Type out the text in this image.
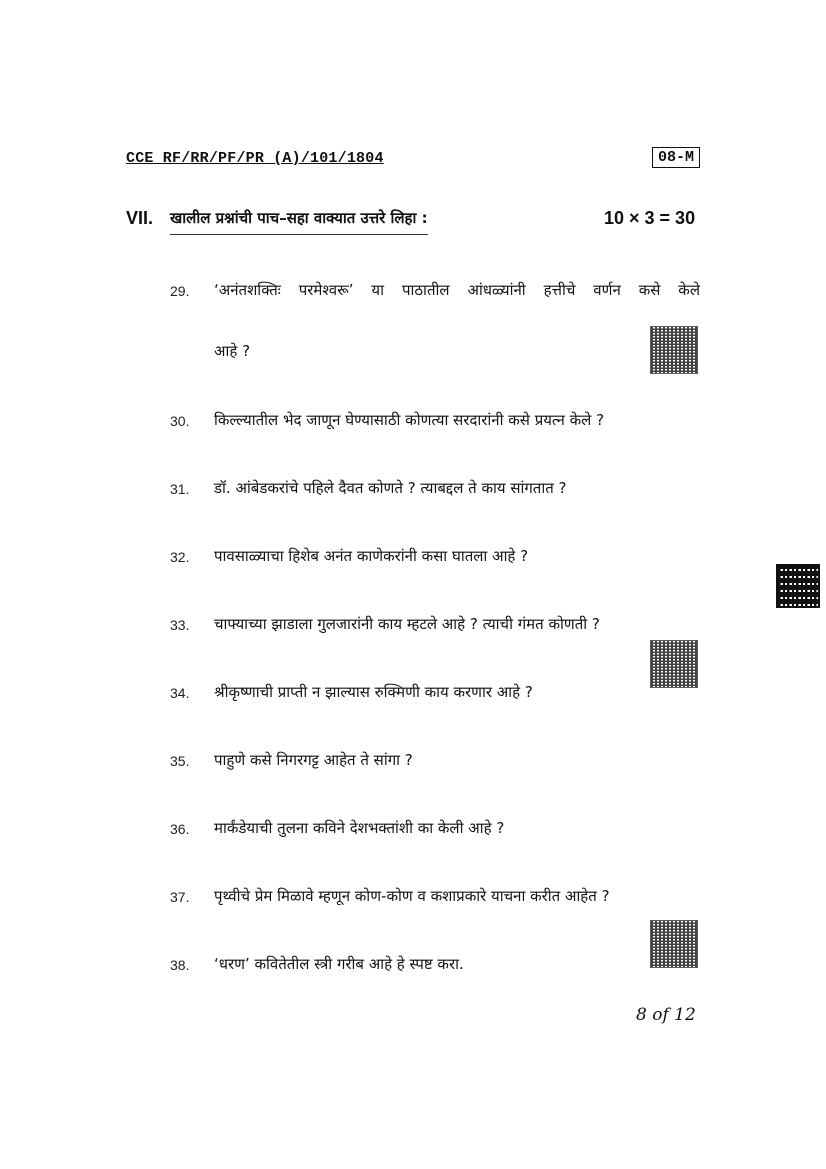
CCE RF/RR/PF/PR (A)/101/1804	08-M
VII. खालील प्रश्नांची पाच–सहा वाक्यात उत्तरे लिहा :	10 × 3 = 30
29.	‘अनंतशक्तिः परमेश्वरू’ या पाठातील आंधळ्यांनी हत्तीचे वर्णन कसे केले
आहे ?
30.	किल्ल्यातील भेद जाणून घेण्यासाठी कोणत्या सरदारांनी कसे प्रयत्न केले ?
31.	डॉ. आंबेडकरांचे पहिले दैवत कोणते ? त्याबद्दल ते काय सांगतात ?
32.	पावसाळ्याचा हिशेब अनंत काणेकरांनी कसा घातला आहे ?
33.	चाफ्याच्या झाडाला गुलजारांनी काय म्हटले आहे ? त्याची गंमत कोणती ?
34.	श्रीकृष्णाची प्राप्ती न झाल्यास रुक्मिणी काय करणार आहे ?
35.	पाहुणे कसे निगरगट्ट आहेत ते सांगा ?
36.	मार्कंडेयाची तुलना कविने देशभक्तांशी का केली आहे ?
37.	पृथ्वीचे प्रेम मिळावे म्हणून कोण-कोण व कशाप्रकारे याचना करीत आहेत ?
38.	‘धरण’ कवितेतील स्त्री गरीब आहे हे स्पष्ट करा.
8 of 12
